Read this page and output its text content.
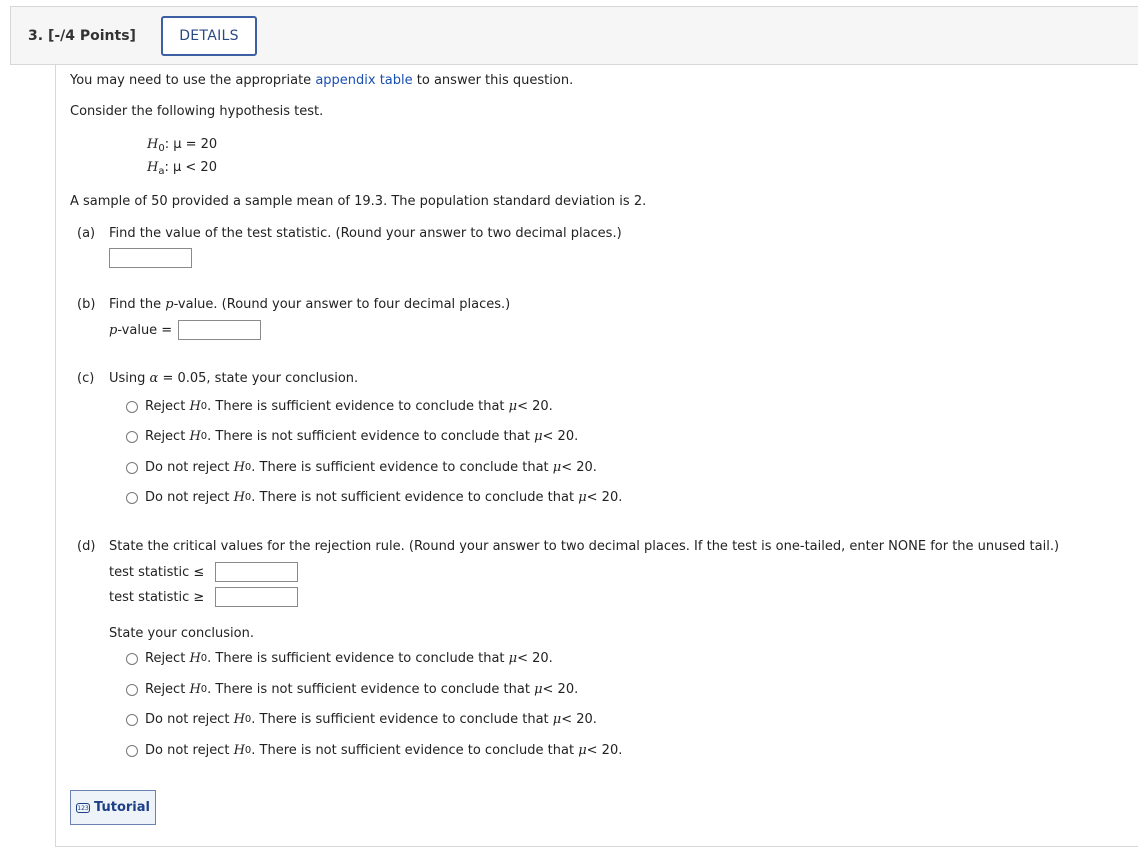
3. [-/4 Points]	DETAILS
You may need to use the appropriate appendix table to answer this question.
Consider the following hypothesis test.
$H_0$: μ = 20
$H_a$: μ < 20
A sample of 50 provided a sample mean of 19.3. The population standard deviation is 2.
(a) Find the value of the test statistic. (Round your answer to two decimal places.)
(b) Find the p-value. (Round your answer to four decimal places.)
p-value =
(c) Using α = 0.05, state your conclusion.
Reject
H 0 . There is sufficient evidence to conclude that
μ < 20.
Reject
H 0 . There is not sufficient evidence to conclude that
μ < 20.
Do not reject
H 0 . There is sufficient evidence to conclude that
μ < 20.
Do not reject
H 0 . There is not sufficient evidence to conclude that
μ < 20.
(d) State the critical values for the rejection rule. (Round your answer to two decimal places. If the test is one-tailed, enter NONE for the unused tail.)
test statistic ≤
test statistic ≥
State your conclusion.
Reject
H 0 . There is sufficient evidence to conclude that
μ < 20.
Reject
H 0 . There is not sufficient evidence to conclude that
μ < 20.
Do not reject
H 0 . There is sufficient evidence to conclude that
μ < 20.
Do not reject
H 0 . There is not sufficient evidence to conclude that
μ < 20.
123 Tutorial
